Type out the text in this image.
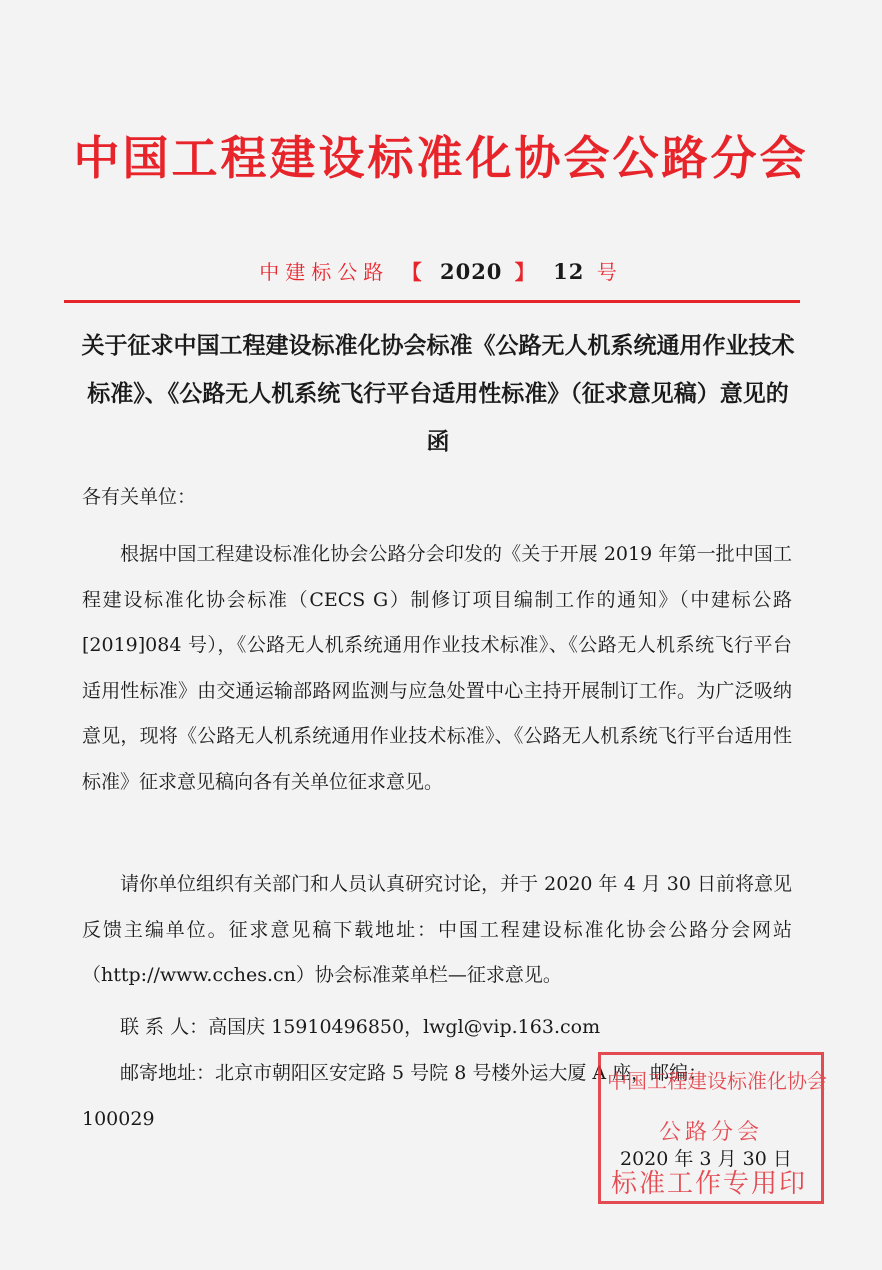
中国工程建设标准化协会公路分会
中建标公路 【 2020 】 12 号
关于征求中国工程建设标准化协会标准《公路无人机系统通用作业技术标准》、《公路无人机系统飞行平台适用性标准》（征求意见稿）意见的函
各有关单位：

根据中国工程建设标准化协会公路分会印发的《关于开展 2019 年第一批中国工程建设标准化协会标准（CECS G）制修订项目编制工作的通知》（中建标公路[2019]084 号），《公路无人机系统通用作业技术标准》、《公路无人机系统飞行平台适用性标准》由交通运输部路网监测与应急处置中心主持开展制订工作。为广泛吸纳意见，现将《公路无人机系统通用作业技术标准》、《公路无人机系统飞行平台适用性标准》征求意见稿向各有关单位征求意见。

请你单位组织有关部门和人员认真研究讨论，并于 2020 年 4 月 30 日前将意见反馈主编单位。征求意见稿下载地址：中国工程建设标准化协会公路分会网站（http://www.cches.cn）协会标准菜单栏—征求意见。

联 系 人：高国庆 15910496850，lwgl@vip.163.com
邮寄地址：北京市朝阳区安定路 5 号院 8 号楼外运大厦 A 座，邮编：
100029
中国工程建设标准化协会
公路分会
标准工作专用印
2020 年 3 月 30 日
